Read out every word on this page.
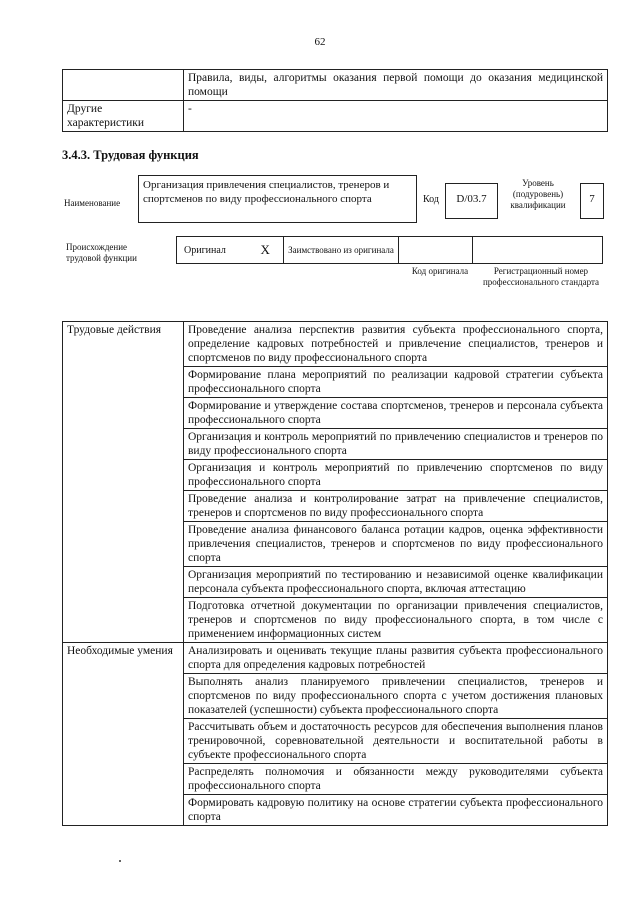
62
	Правила, виды, алгоритмы оказания первой помощи до оказания медицинской помощи
Другие характеристики	-
3.4.3. Трудовая функция
Наименование
Организация привлечения специалистов, тренеров и спортсменов по виду профессионального спорта	Код	D/03.7
Уровень (подуровень) квалификации	7
Происхождение трудовой функции
Оригинал	X	Заимствовано из оригинала		
Код оригинала	Регистрационный номер профессионального стандарта
Трудовые действия	Проведение анализа перспектив развития субъекта профессионального спорта, определение кадровых потребностей и привлечение специалистов, тренеров и спортсменов по виду профессионального спорта
	Формирование плана мероприятий по реализации кадровой стратегии субъекта профессионального спорта
	Формирование и утверждение состава спортсменов, тренеров и персонала субъекта профессионального спорта
	Организация и контроль мероприятий по привлечению специалистов и тренеров по виду профессионального спорта
	Организация и контроль мероприятий по привлечению спортсменов по виду профессионального спорта
	Проведение анализа и контролирование затрат на привлечение специалистов, тренеров и спортсменов по виду профессионального спорта
	Проведение анализа финансового баланса ротации кадров, оценка эффективности привлечения специалистов, тренеров и спортсменов по виду профессионального спорта
	Организация мероприятий по тестированию и независимой оценке квалификации персонала субъекта профессионального спорта, включая аттестацию
	Подготовка отчетной документации по организации привлечения специалистов, тренеров и спортсменов по виду профессионального спорта, в том числе с применением информационных систем
Необходимые умения	Анализировать и оценивать текущие планы развития субъекта профессионального спорта для определения кадровых потребностей
	Выполнять анализ планируемого привлечении специалистов, тренеров и спортсменов по виду профессионального спорта с учетом достижения плановых показателей (успешности) субъекта профессионального спорта
	Рассчитывать объем и достаточность ресурсов для обеспечения выполнения планов тренировочной, соревновательной деятельности и воспитательной работы в субъекте профессионального спорта
	Распределять полномочия и обязанности между руководителями субъекта профессионального спорта
	Формировать кадровую политику на основе стратегии субъекта профессионального спорта
